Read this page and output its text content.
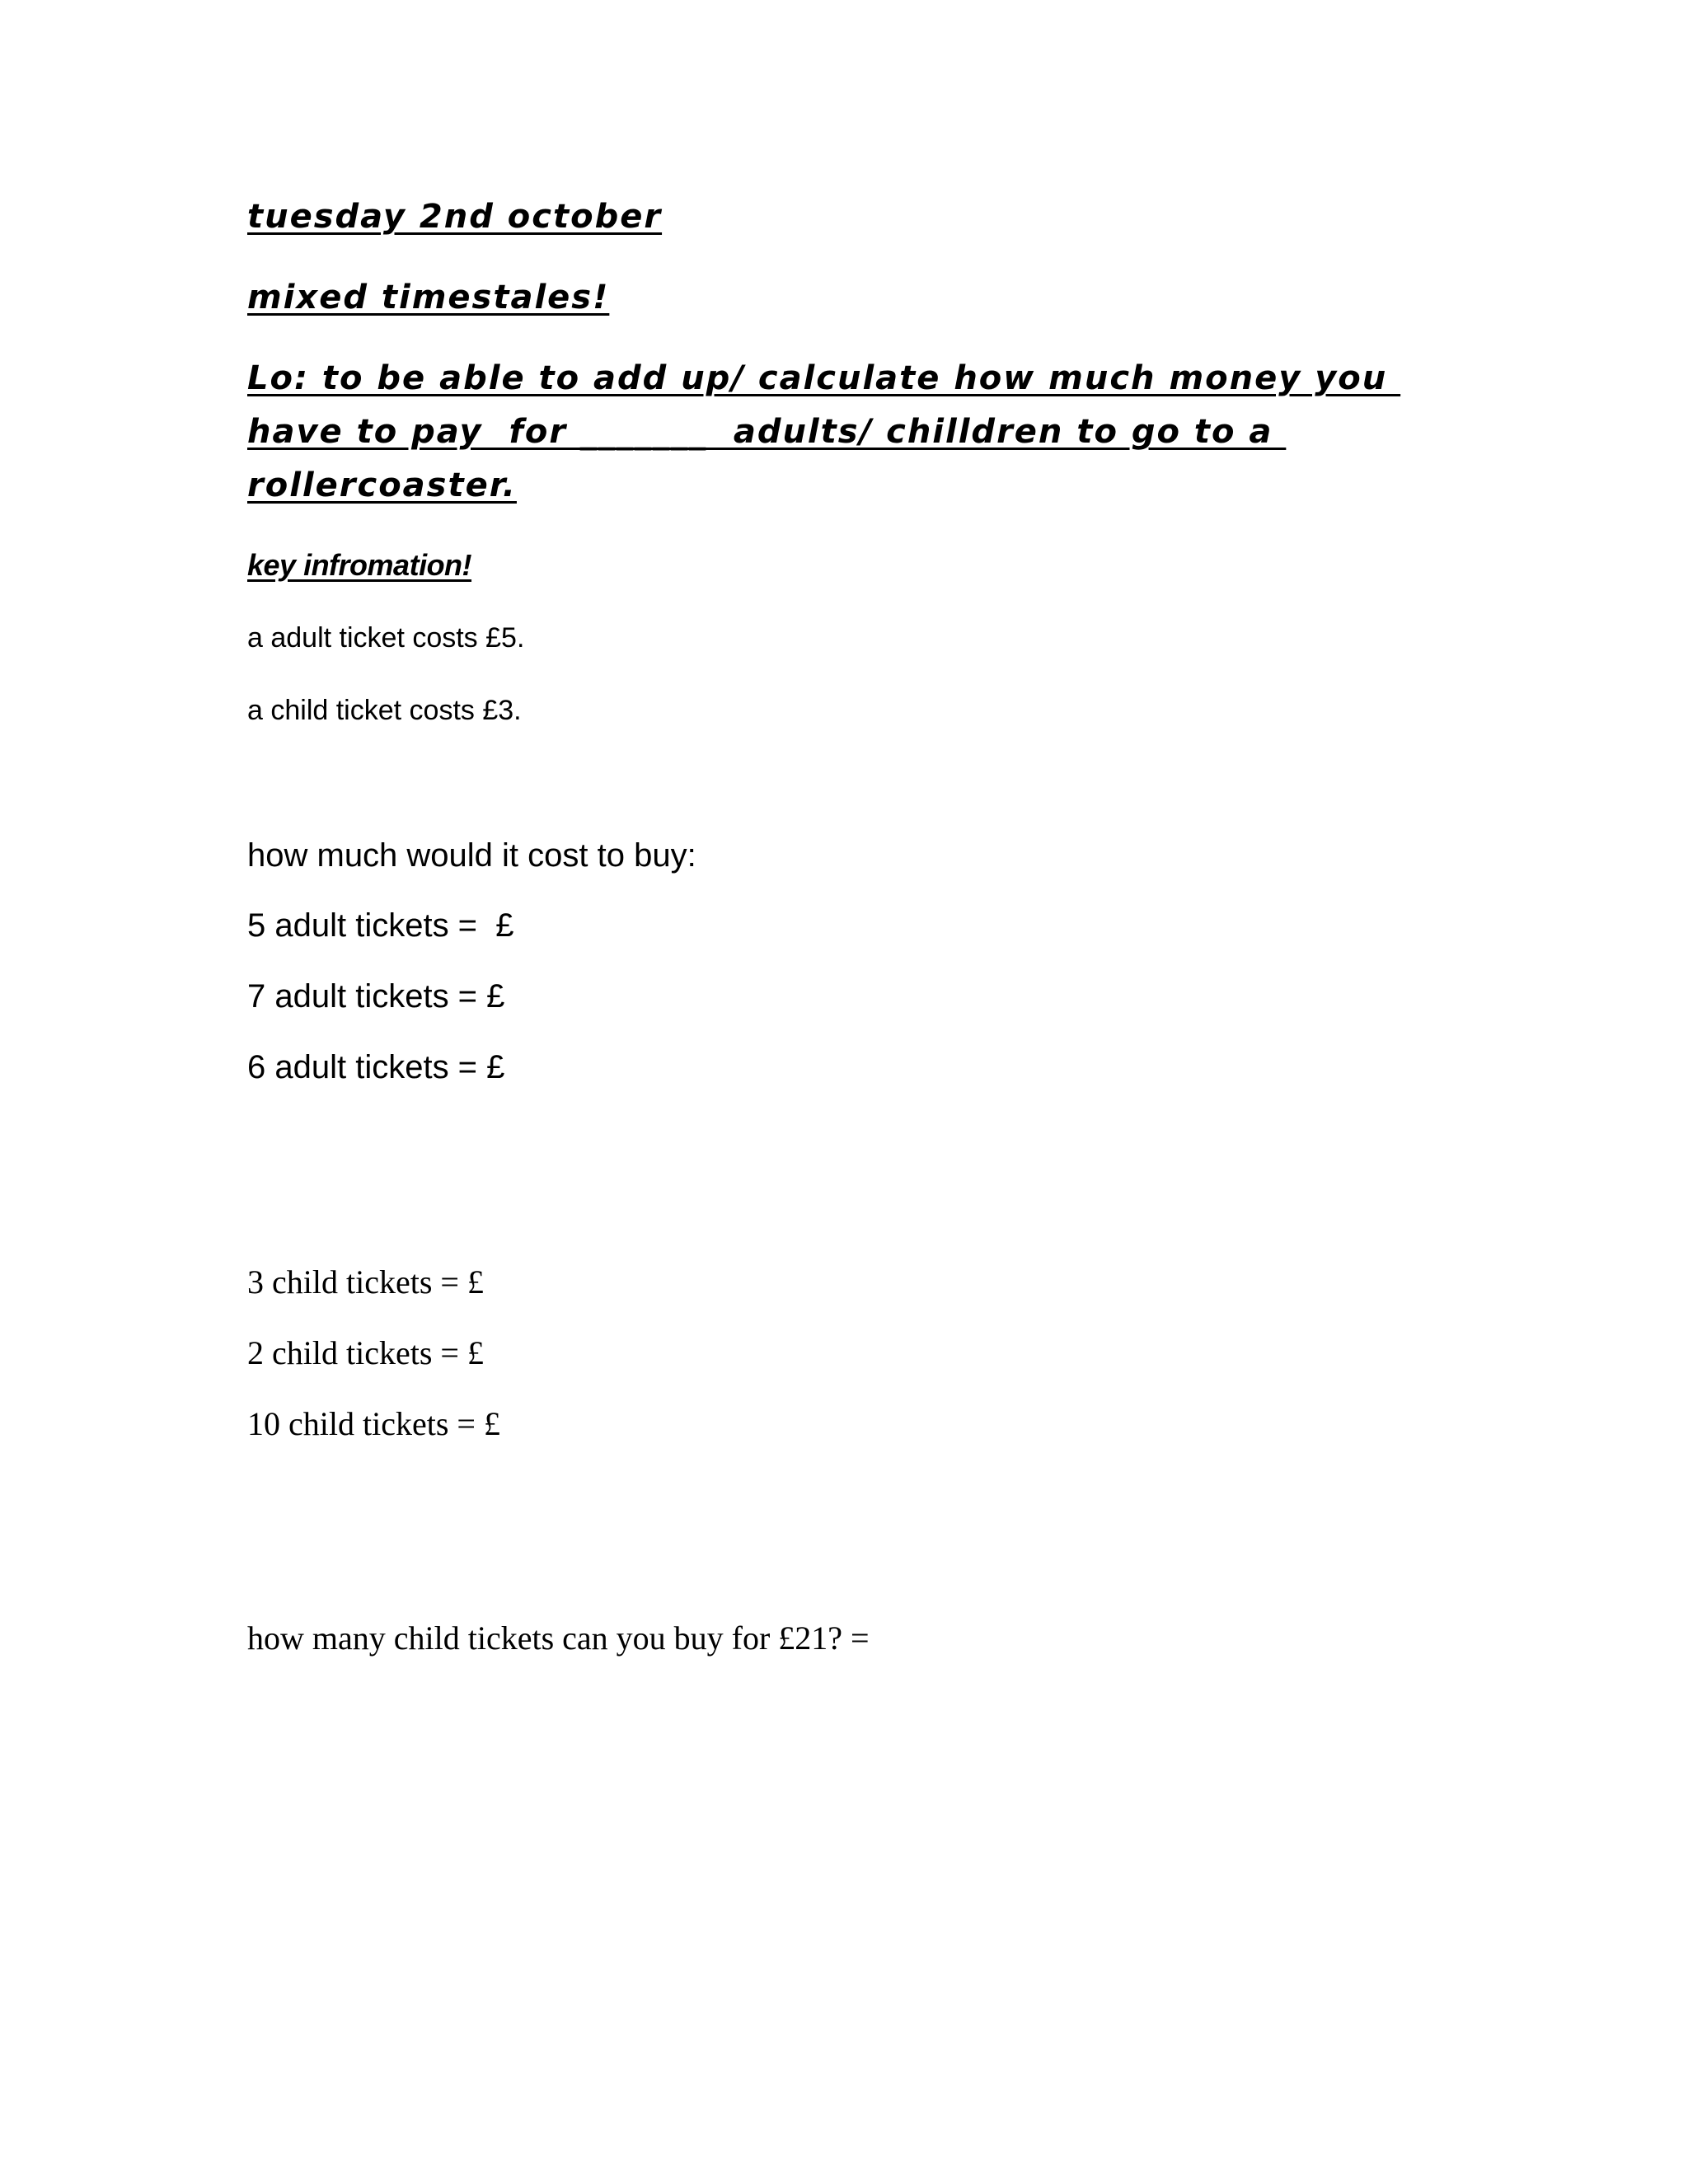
tuesday 2nd october

mixed timestales!

Lo: to be able to add up/ calculate how much money you

have to pay  for _______  adults/ chilldren to go to a

rollercoaster.

key infromation!

a adult ticket costs £5.

a child ticket costs £3.

how much would it cost to buy:

5 adult tickets =  £

7 adult tickets = £

6 adult tickets = £

3 child tickets = £

2 child tickets = £

10 child tickets = £

how many child tickets can you buy for £21? =
